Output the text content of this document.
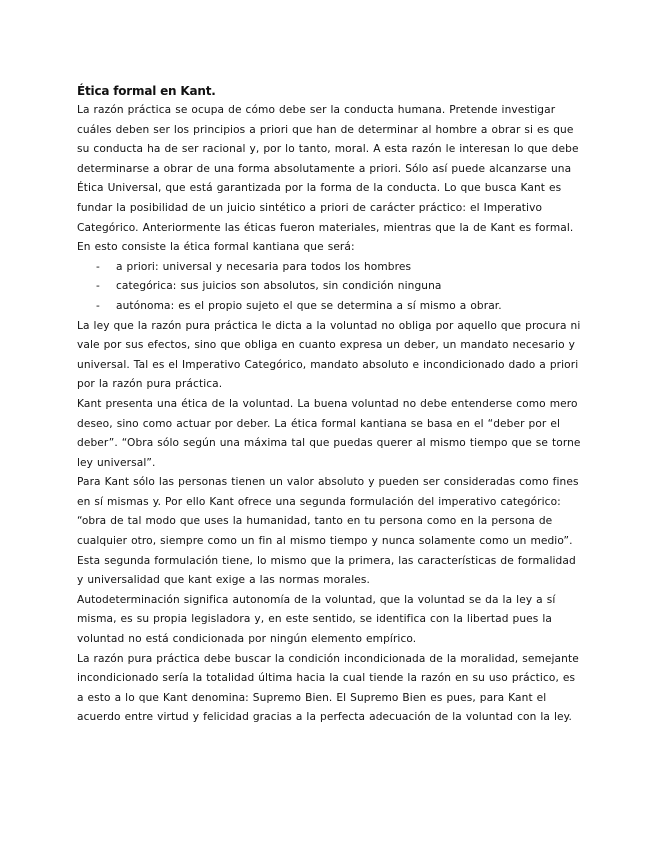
Ética formal en Kant.

La razón práctica se ocupa de cómo debe ser la conducta humana. Pretende investigar cuáles deben ser los principios a priori que han de determinar al hombre a obrar si es que su conducta ha de ser racional y, por lo tanto, moral. A esta razón le interesan lo que debe determinarse a obrar de una forma absolutamente a priori. Sólo así puede alcanzarse una Ética Universal, que está garantizada por la forma de la conducta. Lo que busca Kant es fundar la posibilidad de un juicio sintético a priori de carácter práctico: el Imperativo Categórico. Anteriormente las éticas fueron materiales, mientras que la de Kant es formal.

En esto consiste la ética formal kantiana que será:

- a priori: universal y necesaria para todos los hombres
- categórica: sus juicios son absolutos, sin condición ninguna
- autónoma: es el propio sujeto el que se determina a sí mismo a obrar.

La ley que la razón pura práctica le dicta a la voluntad no obliga por aquello que procura ni vale por sus efectos, sino que obliga en cuanto expresa un deber, un mandato necesario y universal. Tal es el Imperativo Categórico, mandato absoluto e incondicionado dado a priori por la razón pura práctica.

Kant presenta una ética de la voluntad. La buena voluntad no debe entenderse como mero deseo, sino como actuar por deber. La ética formal kantiana se basa en el “deber por el deber”. “Obra sólo según una máxima tal que puedas querer al mismo tiempo que se torne ley universal”.

Para Kant sólo las personas tienen un valor absoluto y pueden ser consideradas como fines en sí mismas y. Por ello Kant ofrece una segunda formulación del imperativo categórico: “obra de tal modo que uses la humanidad, tanto en tu persona como en la persona de cualquier otro, siempre como un fin al mismo tiempo y nunca solamente como un medio”. Esta segunda formulación tiene, lo mismo que la primera, las características de formalidad y universalidad que kant exige a las normas morales.

Autodeterminación significa autonomía de la voluntad, que la voluntad se da la ley a sí misma, es su propia legisladora y, en este sentido, se identifica con la libertad pues la voluntad no está condicionada por ningún elemento empírico.

La razón pura práctica debe buscar la condición incondicionada de la moralidad, semejante incondicionado sería la totalidad última hacia la cual tiende la razón en su uso práctico, es a esto a lo que Kant denomina: Supremo Bien. El Supremo Bien es pues, para Kant el acuerdo entre virtud y felicidad gracias a la perfecta adecuación de la voluntad con la ley.
